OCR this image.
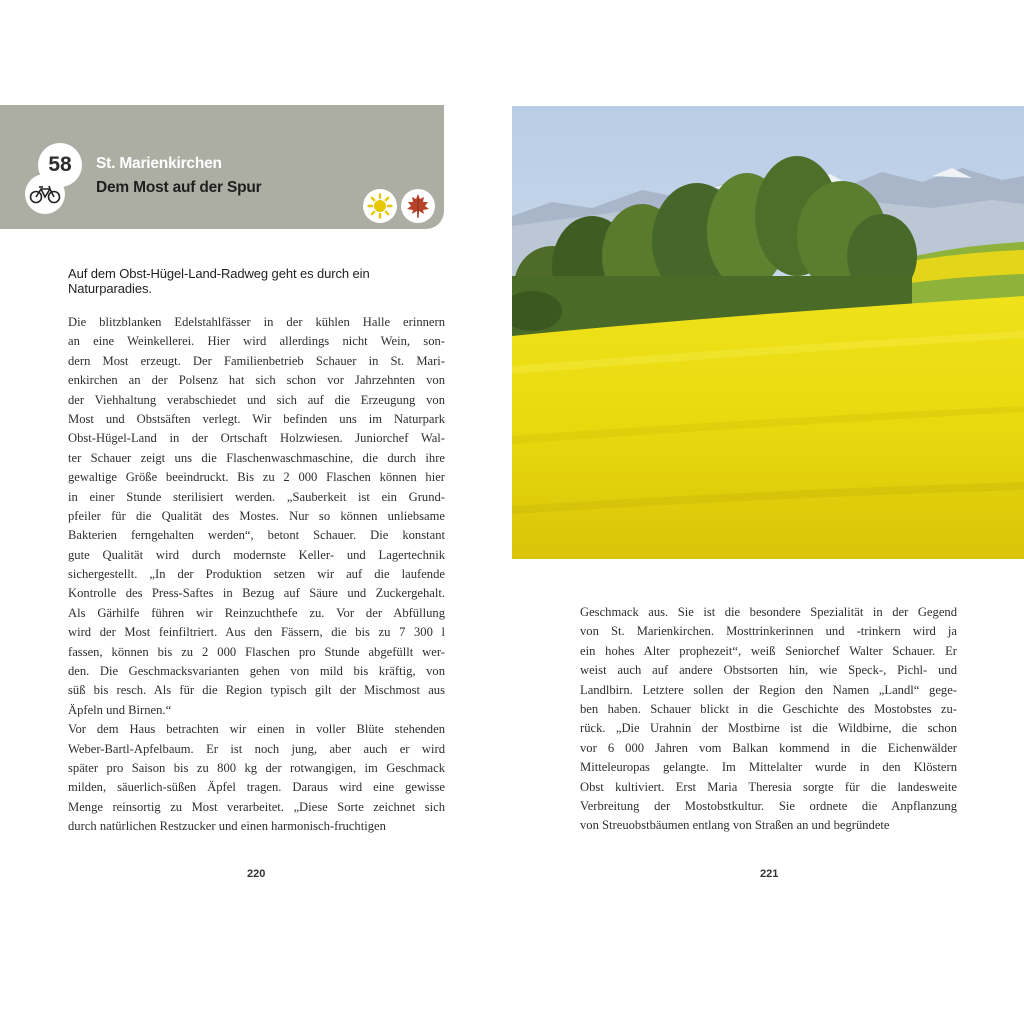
58	St. Marienkirchen
Dem Most auf der Spur
Auf dem Obst-Hügel-Land-Radweg geht es durch ein Naturparadies.
Die blitzblanken Edelstahlfässer in der kühlen Halle erinnern
an eine Weinkellerei. Hier wird allerdings nicht Wein, son-
dern Most erzeugt. Der Familienbetrieb Schauer in St. Mari-
enkirchen an der Polsenz hat sich schon vor Jahrzehnten von
der Viehhaltung verabschiedet und sich auf die Erzeugung von
Most und Obstsäften verlegt. Wir befinden uns im Naturpark
Obst-Hügel-Land in der Ortschaft Holzwiesen. Juniorchef Wal-
ter Schauer zeigt uns die Flaschenwaschmaschine, die durch ihre
gewaltige Größe beeindruckt. Bis zu 2 000 Flaschen können hier
in einer Stunde sterilisiert werden. „Sauberkeit ist ein Grund-
pfeiler für die Qualität des Mostes. Nur so können unliebsame
Bakterien ferngehalten werden“, betont Schauer. Die konstant
gute Qualität wird durch modernste Keller- und Lagertechnik
sichergestellt. „In der Produktion setzen wir auf die laufende
Kontrolle des Press-Saftes in Bezug auf Säure und Zuckergehalt.
Als Gärhilfe führen wir Reinzuchthefe zu. Vor der Abfüllung
wird der Most feinfiltriert. Aus den Fässern, die bis zu 7 300 l
fassen, können bis zu 2 000 Flaschen pro Stunde abgefüllt wer-
den. Die Geschmacksvarianten gehen von mild bis kräftig, von
süß bis resch. Als für die Region typisch gilt der Mischmost aus
Äpfeln und Birnen.“
Vor dem Haus betrachten wir einen in voller Blüte stehenden
Weber-Bartl-Apfelbaum. Er ist noch jung, aber auch er wird
später pro Saison bis zu 800 kg der rotwangigen, im Geschmack
milden, säuerlich-süßen Äpfel tragen. Daraus wird eine gewisse
Menge reinsortig zu Most verarbeitet. „Diese Sorte zeichnet sich
durch natürlichen Restzucker und einen harmonisch-fruchtigen
220
Geschmack aus. Sie ist die besondere Spezialität in der Gegend
von St. Marienkirchen. Mosttrinkerinnen und -trinkern wird ja
ein hohes Alter prophezeit“, weiß Seniorchef Walter Schauer. Er
weist auch auf andere Obstsorten hin, wie Speck-, Pichl- und
Landlbirn. Letztere sollen der Region den Namen „Landl“ gege-
ben haben. Schauer blickt in die Geschichte des Mostobstes zu-
rück. „Die Urahnin der Mostbirne ist die Wildbirne, die schon
vor 6 000 Jahren vom Balkan kommend in die Eichenwälder
Mitteleuropas gelangte. Im Mittelalter wurde in den Klöstern
Obst kultiviert. Erst Maria Theresia sorgte für die landesweite
Verbreitung der Mostobstkultur. Sie ordnete die Anpflanzung
von Streuobstbäumen entlang von Straßen an und begründete
221
